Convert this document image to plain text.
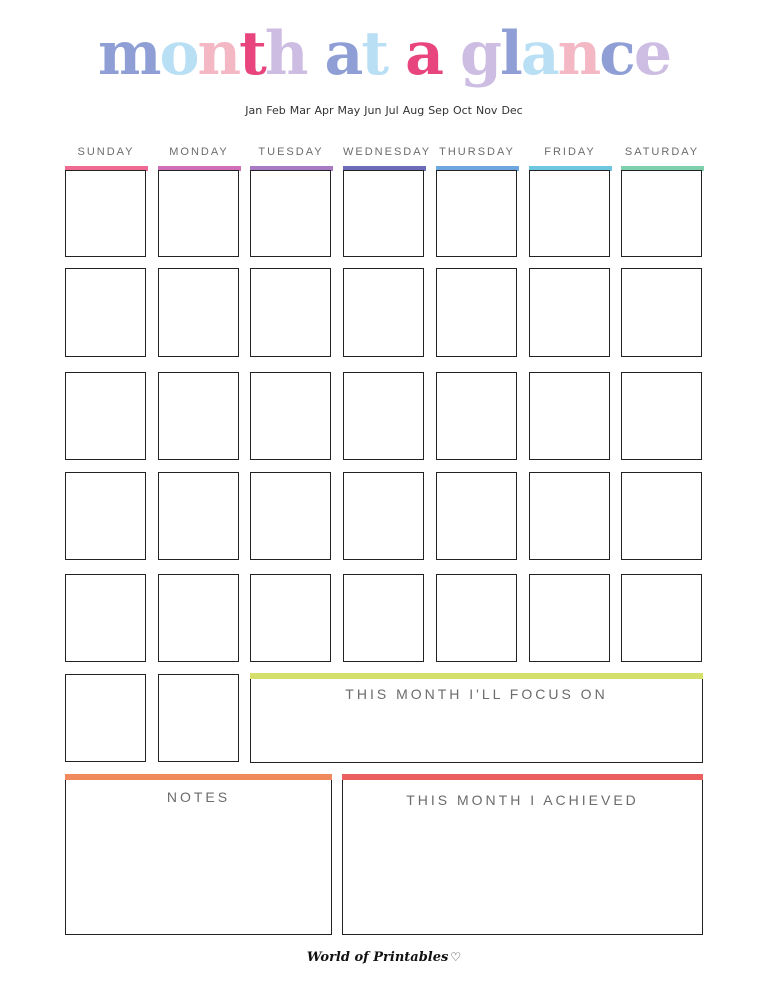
month at a glance
Jan Feb Mar Apr May Jun Jul Aug Sep Oct Nov Dec
SUNDAY	MONDAY	TUESDAY	WEDNESDAY THURSDAY	FRIDAY	SATURDAY
THIS MONTH I'LL FOCUS ON
NOTES	THIS MONTH I ACHIEVED
World of Printables ♡
